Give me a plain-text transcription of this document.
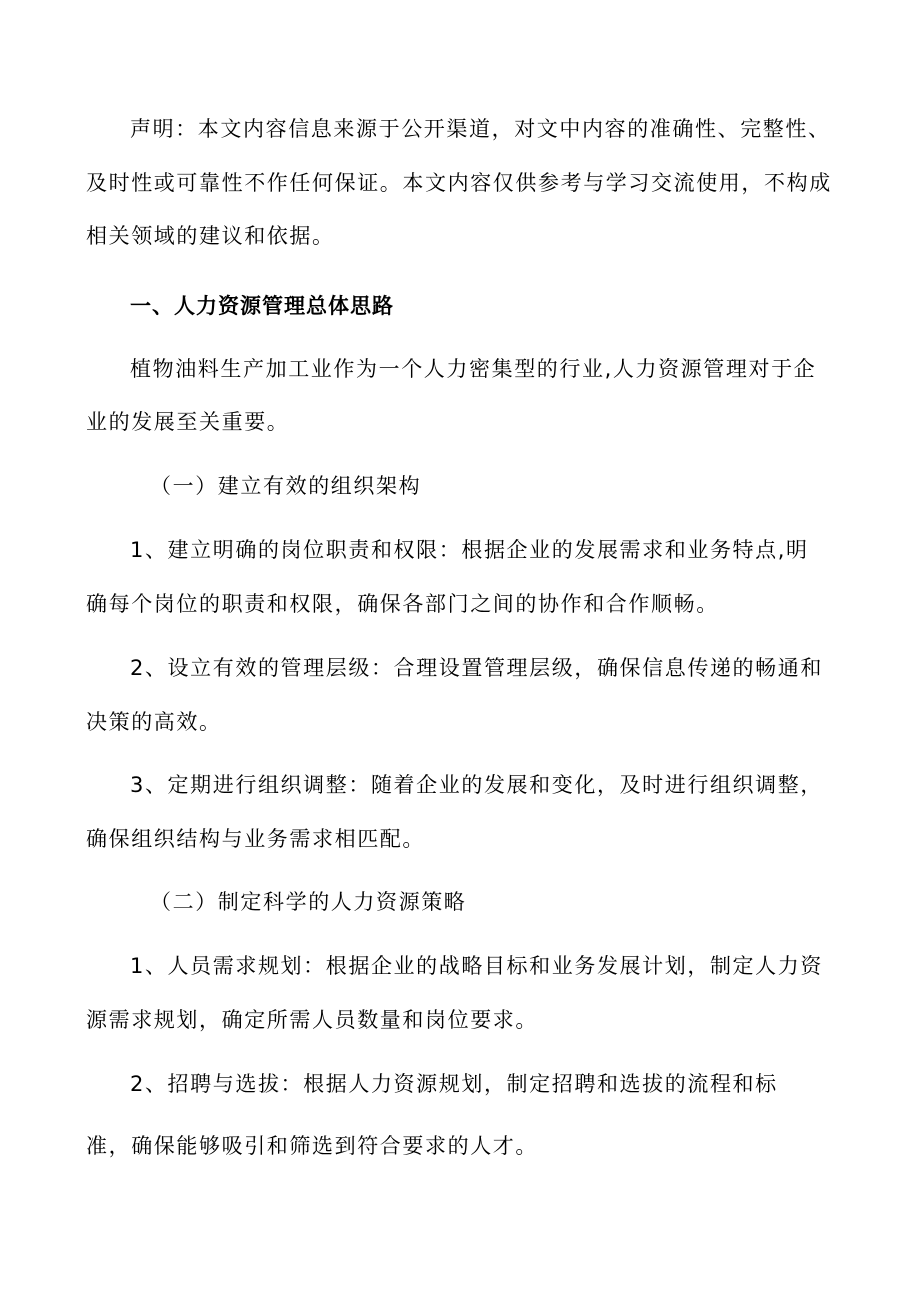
声明：本文内容信息来源于公开渠道，对文中内容的准确性、完整性、
及时性或可靠性不作任何保证。本文内容仅供参考与学习交流使用，不构成
相关领域的建议和依据。
一、人力资源管理总体思路
植物油料生产加工业作为一个人力密集型的行业,人力资源管理对于企
业的发展至关重要。
（一）建立有效的组织架构
1、建立明确的岗位职责和权限：根据企业的发展需求和业务特点,明
确每个岗位的职责和权限，确保各部门之间的协作和合作顺畅。
2、设立有效的管理层级：合理设置管理层级，确保信息传递的畅通和
决策的高效。
3、定期进行组织调整：随着企业的发展和变化，及时进行组织调整，
确保组织结构与业务需求相匹配。
（二）制定科学的人力资源策略
1、人员需求规划：根据企业的战略目标和业务发展计划，制定人力资
源需求规划，确定所需人员数量和岗位要求。
2、招聘与选拔：根据人力资源规划，制定招聘和选拔的流程和标
准，确保能够吸引和筛选到符合要求的人才。
